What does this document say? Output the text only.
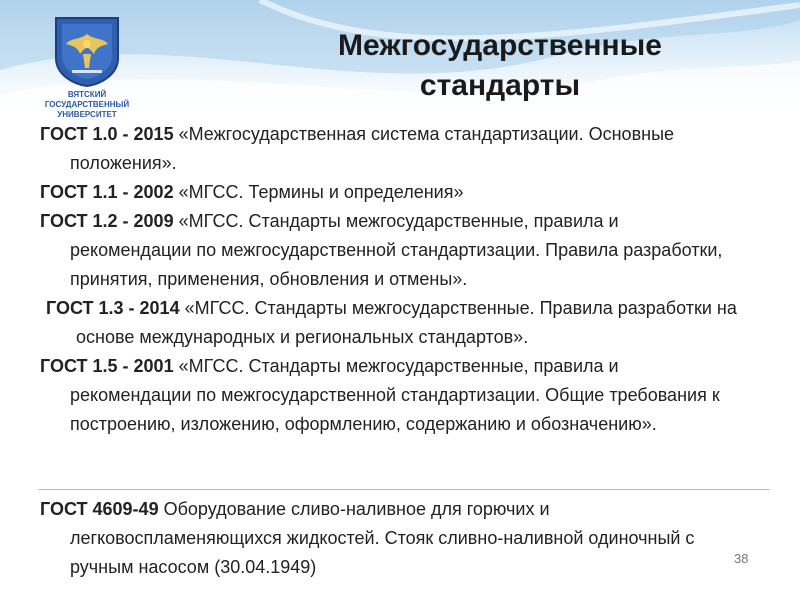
ВЯТСКИЙ
ГОСУДАРСТВЕННЫЙ
УНИВЕРСИТЕТ
Межгосударственные
стандарты
ГОСТ 1.0 - 2015 «Межгосударственная система стандартизации. Основные положения».
ГОСТ 1.1 - 2002 «МГСС. Термины и определения»
ГОСТ 1.2 - 2009 «МГСС. Стандарты межгосударственные, правила и рекомендации по межгосударственной стандартизации. Правила разработки, принятия, применения, обновления и отмены».
ГОСТ 1.3 - 2014 «МГСС. Стандарты межгосударственные. Правила разработки на основе международных и региональных стандартов».
ГОСТ 1.5 - 2001 «МГСС. Стандарты межгосударственные, правила и рекомендации по межгосударственной стандартизации. Общие требования к построению, изложению, оформлению, содержанию и обозначению».
ГОСТ 4609-49 Оборудование сливо-наливное для горючих и легковоспламеняющихся жидкостей. Стояк сливно-наливной одиночный с ручным насосом (30.04.1949)	38
